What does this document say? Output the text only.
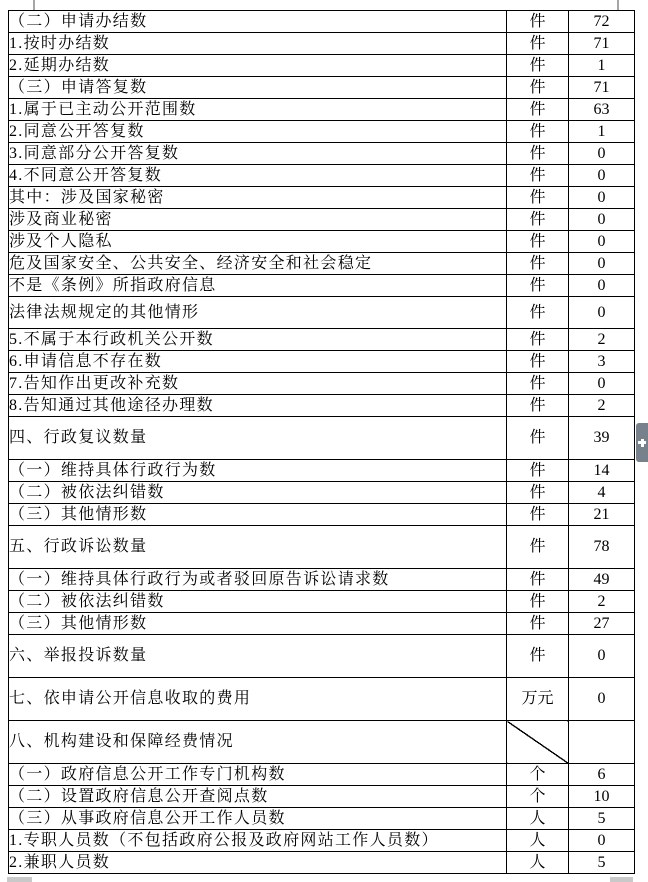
（二）申请办结数	件	72
1.按时办结数	件	71
2.延期办结数	件	1
（三）申请答复数	件	71
1.属于已主动公开范围数	件	63
2.同意公开答复数	件	1
3.同意部分公开答复数	件	0
4.不同意公开答复数	件	0
其中：涉及国家秘密	件	0
涉及商业秘密	件	0
涉及个人隐私	件	0
危及国家安全、公共安全、经济安全和社会稳定	件	0
不是《条例》所指政府信息	件	0
法律法规规定的其他情形	件	0
5.不属于本行政机关公开数	件	2
6.申请信息不存在数	件	3
7.告知作出更改补充数	件	0
8.告知通过其他途径办理数	件	2
四、行政复议数量	件	39
（一）维持具体行政行为数	件	14
（二）被依法纠错数	件	4
（三）其他情形数	件	21
五、行政诉讼数量	件	78
（一）维持具体行政行为或者驳回原告诉讼请求数	件	49
（二）被依法纠错数	件	2
（三）其他情形数	件	27
六、举报投诉数量	件	0
七、依申请公开信息收取的费用	万元	0
八、机构建设和保障经费情况		
（一）政府信息公开工作专门机构数	个	6
（二）设置政府信息公开查阅点数	个	10
（三）从事政府信息公开工作人员数	人	5
1.专职人员数（不包括政府公报及政府网站工作人员数）	人	0
2.兼职人员数	人	5
